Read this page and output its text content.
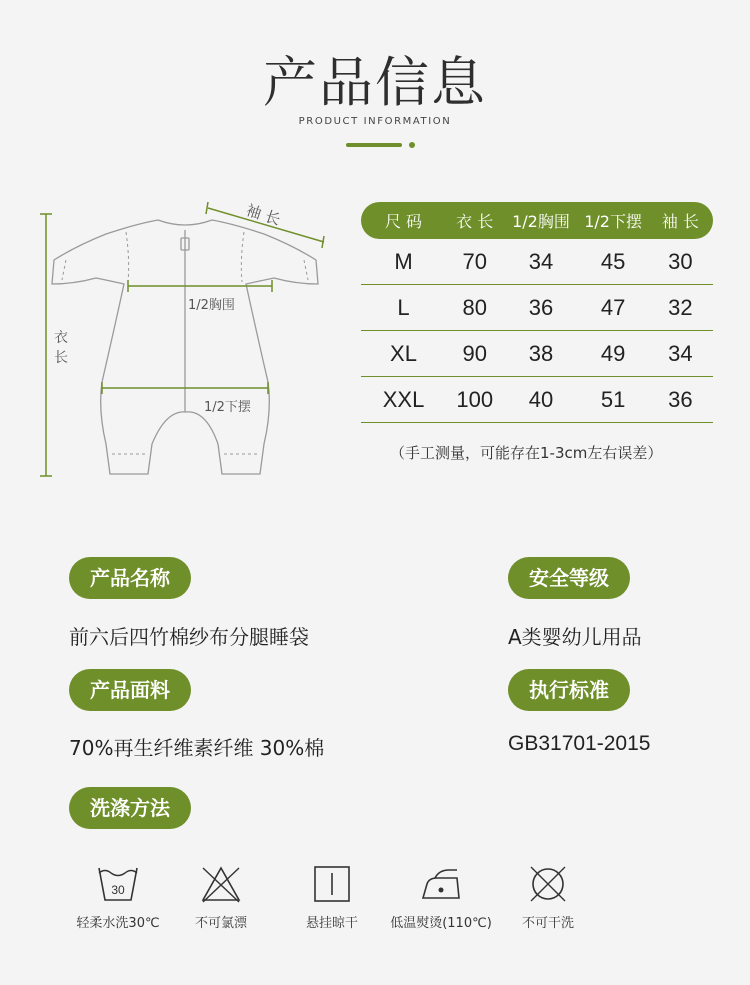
产品信息
PRODUCT INFORMATION
袖 长
1/2胸围
1/2下摆
衣 长
尺 码	衣 长	1/2胸围 1/2下摆	袖 长
M	70	34	45	30
L	80	36	47	32
XL	90	38	49	34
XXL	100	40	51	36
（手工测量，可能存在1-3cm左右误差）
产品名称
前六后四竹棉纱布分腿睡袋
安全等级
A类婴幼儿用品
产品面料
70%再生纤维素纤维 30%棉
执行标准
GB31701-2015
洗涤方法
30
轻柔水洗30℃	不可氯漂	悬挂晾干	低温熨烫(110℃)	不可干洗
